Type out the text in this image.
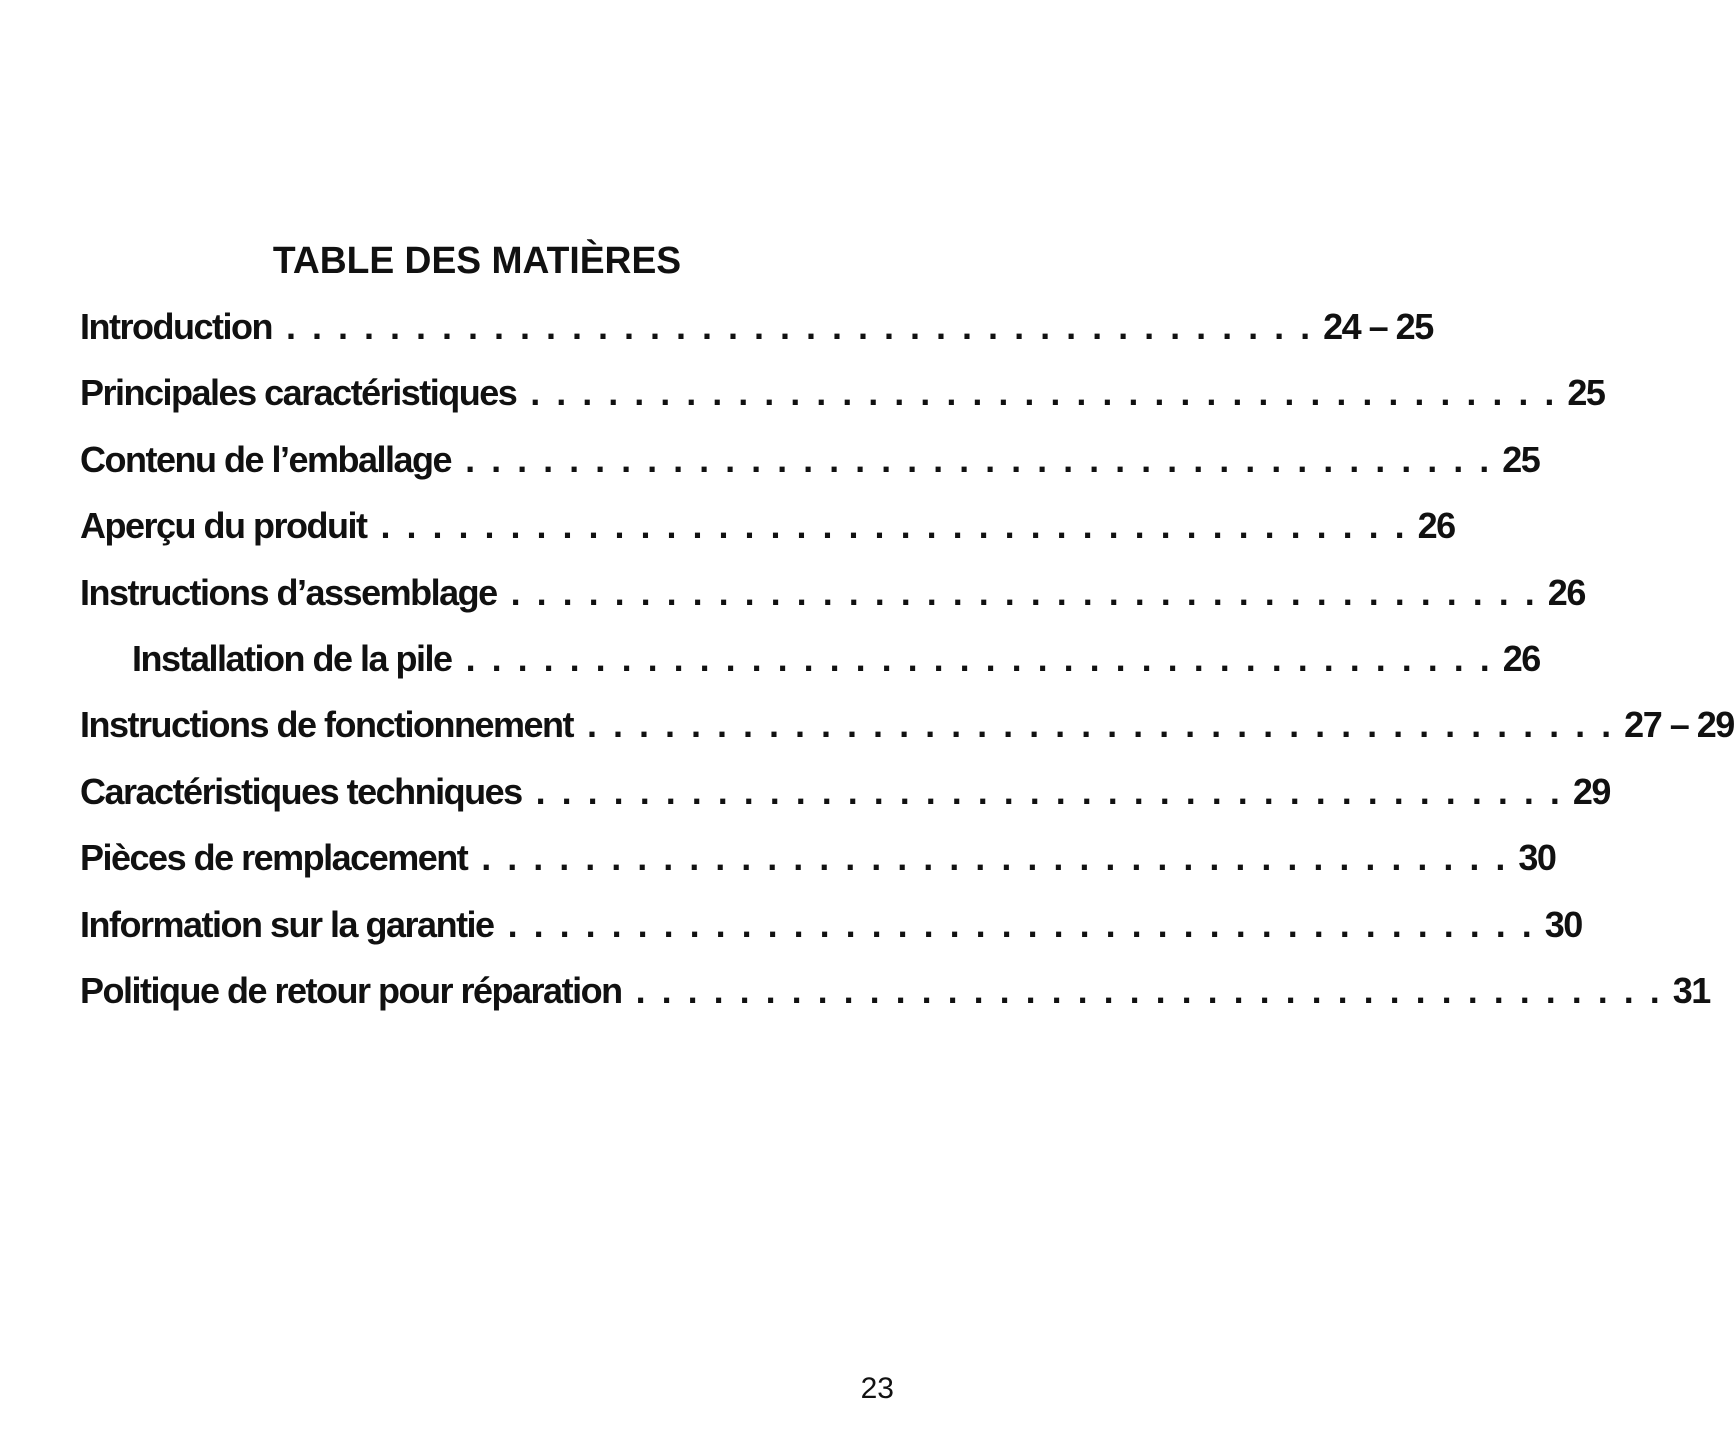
TABLE DES MATIÈRES
Introduction . . . . . . . . . . . . . . . . . . . . . . . . . . . . . . . . . . . . . . . . 24 – 25
Principales caractéristiques . . . . . . . . . . . . . . . . . . . . . . . . . . . . . . . . . . . . . . . . 25
Contenu de l’emballage . . . . . . . . . . . . . . . . . . . . . . . . . . . . . . . . . . . . . . . . 25
Aperçu du produit . . . . . . . . . . . . . . . . . . . . . . . . . . . . . . . . . . . . . . . . 26
Instructions d’assemblage . . . . . . . . . . . . . . . . . . . . . . . . . . . . . . . . . . . . . . . . 26
Installation de la pile . . . . . . . . . . . . . . . . . . . . . . . . . . . . . . . . . . . . . . . . 26
Instructions de fonctionnement . . . . . . . . . . . . . . . . . . . . . . . . . . . . . . . . . . . . . . . . 27 – 29
Caractéristiques techniques . . . . . . . . . . . . . . . . . . . . . . . . . . . . . . . . . . . . . . . . 29
Pièces de remplacement . . . . . . . . . . . . . . . . . . . . . . . . . . . . . . . . . . . . . . . . 30
Information sur la garantie . . . . . . . . . . . . . . . . . . . . . . . . . . . . . . . . . . . . . . . . 30
Politique de retour pour réparation . . . . . . . . . . . . . . . . . . . . . . . . . . . . . . . . . . . . . . . . 31
23
